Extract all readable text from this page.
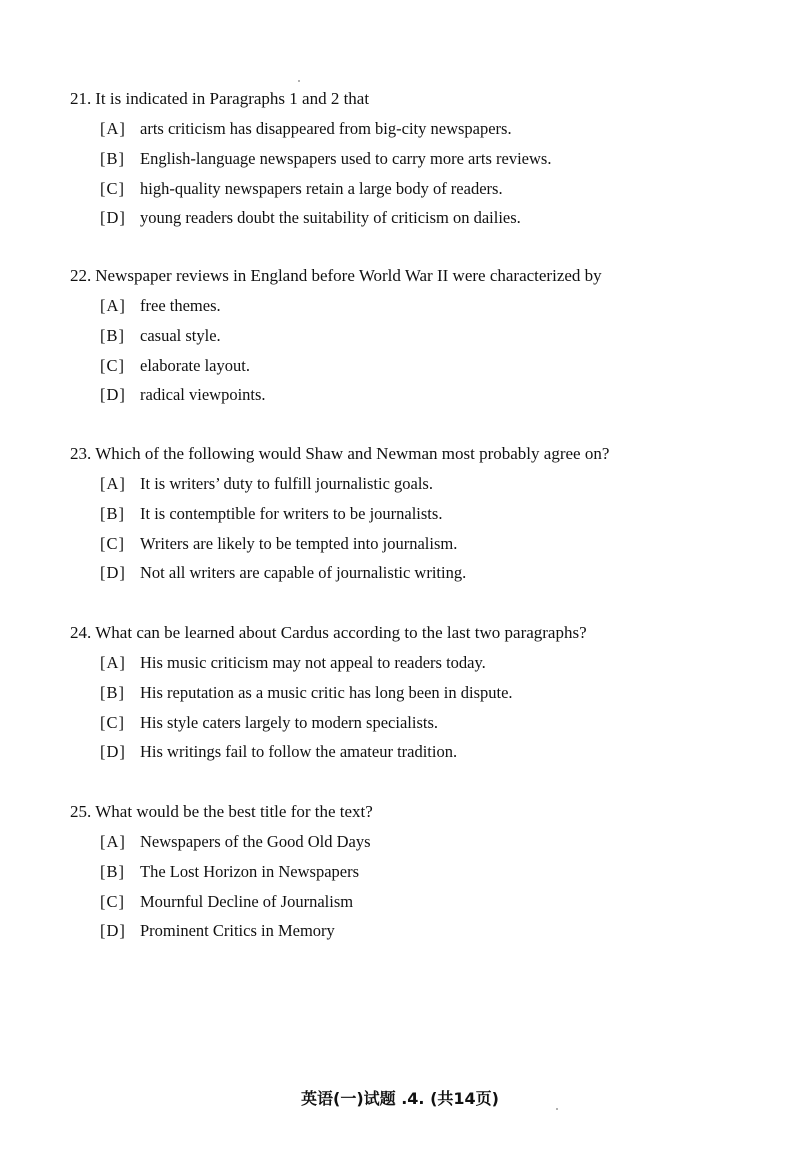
21. It is indicated in Paragraphs 1 and 2 that
[A] arts criticism has disappeared from big-city newspapers.
[B] English-language newspapers used to carry more arts reviews.
[C] high-quality newspapers retain a large body of readers.
[D] young readers doubt the suitability of criticism on dailies.
22. Newspaper reviews in England before World War II were characterized by
[A] free themes.
[B] casual style.
[C] elaborate layout.
[D] radical viewpoints.
23. Which of the following would Shaw and Newman most probably agree on?
[A] It is writers’ duty to fulfill journalistic goals.
[B] It is contemptible for writers to be journalists.
[C] Writers are likely to be tempted into journalism.
[D] Not all writers are capable of journalistic writing.
24. What can be learned about Cardus according to the last two paragraphs?
[A] His music criticism may not appeal to readers today.
[B] His reputation as a music critic has long been in dispute.
[C] His style caters largely to modern specialists.
[D] His writings fail to follow the amateur tradition.
25. What would be the best title for the text?
[A] Newspapers of the Good Old Days
[B] The Lost Horizon in Newspapers
[C] Mournful Decline of Journalism
[D] Prominent Critics in Memory
英语(一)试题 .4. (共14页)
